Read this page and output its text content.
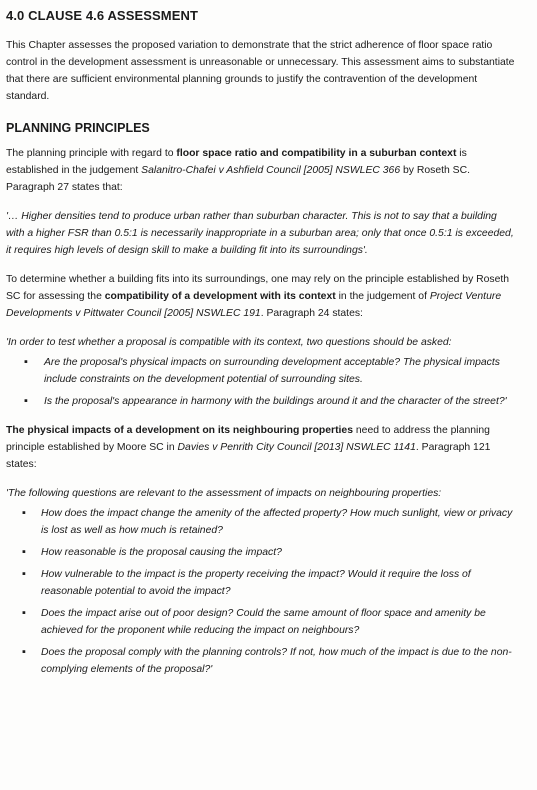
4.0 CLAUSE 4.6 ASSESSMENT

This Chapter assesses the proposed variation to demonstrate that the strict adherence of floor space ratio control in the development assessment is unreasonable or unnecessary. This assessment aims to substantiate that there are sufficient environmental planning grounds to justify the contravention of the development standard.

PLANNING PRINCIPLES

The planning principle with regard to floor space ratio and compatibility in a suburban context is established in the judgement Salanitro-Chafei v Ashfield Council [2005] NSWLEC 366 by Roseth SC. Paragraph 27 states that:

'… Higher densities tend to produce urban rather than suburban character. This is not to say that a building with a higher FSR than 0.5:1 is necessarily inappropriate in a suburban area; only that once 0.5:1 is exceeded, it requires high levels of design skill to make a building fit into its surroundings'.

To determine whether a building fits into its surroundings, one may rely on the principle established by Roseth SC for assessing the compatibility of a development with its context in the judgement of Project Venture Developments v Pittwater Council [2005] NSWLEC 191. Paragraph 24 states:

'In order to test whether a proposal is compatible with its context, two questions should be asked:

▪ Are the proposal's physical impacts on surrounding development acceptable? The physical impacts include constraints on the development potential of surrounding sites.
▪ Is the proposal's appearance in harmony with the buildings around it and the character of the street?'

The physical impacts of a development on its neighbouring properties need to address the planning principle established by Moore SC in Davies v Penrith City Council [2013] NSWLEC 1141. Paragraph 121 states:

'The following questions are relevant to the assessment of impacts on neighbouring properties:

▪ How does the impact change the amenity of the affected property? How much sunlight, view or privacy is lost as well as how much is retained?
▪ How reasonable is the proposal causing the impact?
▪ How vulnerable to the impact is the property receiving the impact? Would it require the loss of reasonable potential to avoid the impact?
▪ Does the impact arise out of poor design? Could the same amount of floor space and amenity be achieved for the proponent while reducing the impact on neighbours?
▪ Does the proposal comply with the planning controls? If not, how much of the impact is due to the non-complying elements of the proposal?'
